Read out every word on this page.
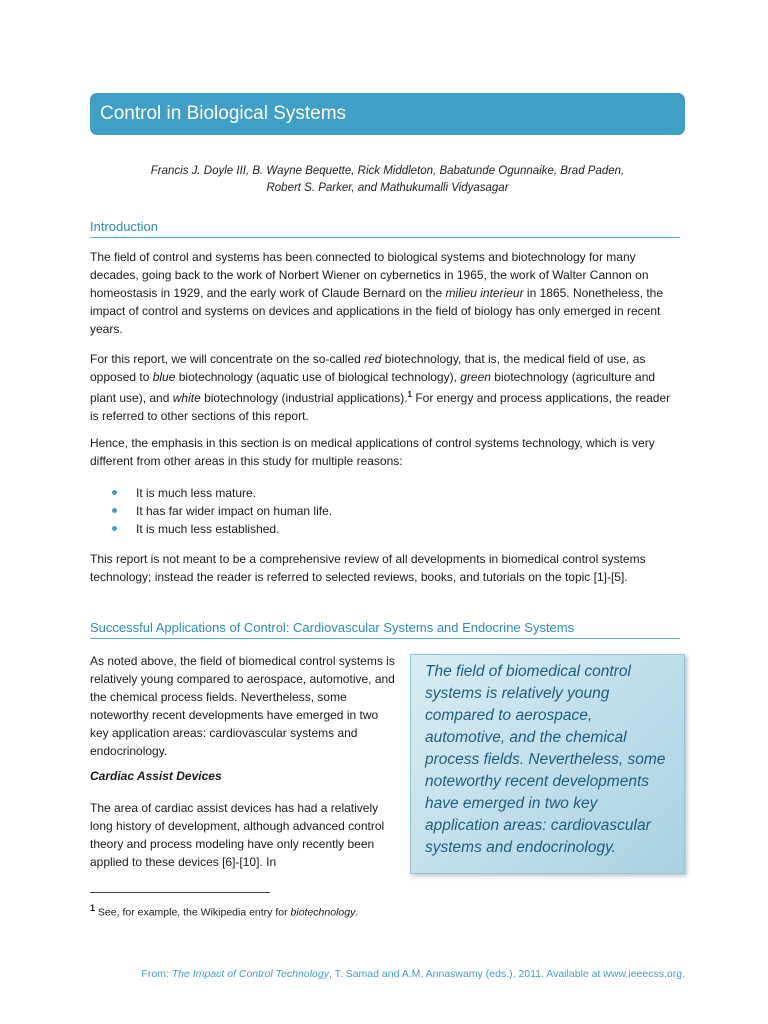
Control in Biological Systems
Francis J. Doyle III, B. Wayne Bequette, Rick Middleton, Babatunde Ogunnaike, Brad Paden,
Robert S. Parker, and Mathukumalli Vidyasagar
Introduction
The field of control and systems has been connected to biological systems and biotechnology for many decades, going back to the work of Norbert Wiener on cybernetics in 1965, the work of Walter Cannon on homeostasis in 1929, and the early work of Claude Bernard on the milieu interieur in 1865. Nonetheless, the impact of control and systems on devices and applications in the field of biology has only emerged in recent years.
For this report, we will concentrate on the so-called red biotechnology, that is, the medical field of use, as opposed to blue biotechnology (aquatic use of biological technology), green biotechnology (agriculture and plant use), and white biotechnology (industrial applications).$^1$ For energy and process applications, the reader is referred to other sections of this report.
Hence, the emphasis in this section is on medical applications of control systems technology, which is very different from other areas in this study for multiple reasons:
It is much less mature.
It has far wider impact on human life.
It is much less established.
This report is not meant to be a comprehensive review of all developments in biomedical control systems technology; instead the reader is referred to selected reviews, books, and tutorials on the topic [1]-[5].
Successful Applications of Control: Cardiovascular Systems and Endocrine Systems
As noted above, the field of biomedical control systems is relatively young compared to aerospace, automotive, and the chemical process fields. Nevertheless, some noteworthy recent developments have emerged in two key application areas: cardiovascular systems and endocrinology.
Cardiac Assist Devices
The area of cardiac assist devices has had a relatively long history of development, although advanced control theory and process modeling have only recently been applied to these devices [6]-[10]. In
The field of biomedical control systems is relatively young compared to aerospace, automotive, and the chemical process fields. Nevertheless, some noteworthy recent developments have emerged in two key application areas: cardiovascular systems and endocrinology.
$^1$ See, for example, the Wikipedia entry for biotechnology.
From: The Impact of Control Technology, T. Samad and A.M. Annaswamy (eds.), 2011. Available at www.ieeecss.org.
